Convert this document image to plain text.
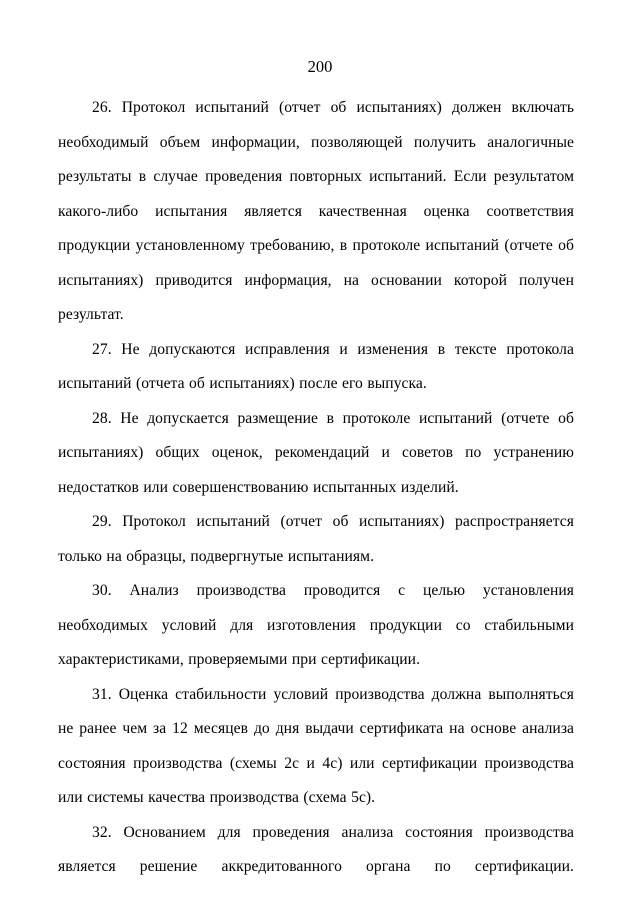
200

26. Протокол испытаний (отчет об испытаниях) должен включать необходимый объем информации, позволяющей получить аналогичные результаты в случае проведения повторных испытаний. Если результатом какого-либо испытания является качественная оценка соответствия продукции установленному требованию, в протоколе испытаний (отчете об испытаниях) приводится информация, на основании которой получен результат.

27. Не допускаются исправления и изменения в тексте протокола испытаний (отчета об испытаниях) после его выпуска.

28. Не допускается размещение в протоколе испытаний (отчете об испытаниях) общих оценок, рекомендаций и советов по устранению недостатков или совершенствованию испытанных изделий.

29. Протокол испытаний (отчет об испытаниях) распространяется только на образцы, подвергнутые испытаниям.

30. Анализ производства проводится с целью установления необходимых условий для изготовления продукции со стабильными характеристиками, проверяемыми при сертификации.

31. Оценка стабильности условий производства должна выполняться не ранее чем за 12 месяцев до дня выдачи сертификата на основе анализа состояния производства (схемы 2с и 4с) или сертификации производства или системы качества производства (схема 5с).

32. Основанием для проведения анализа состояния производства является решение аккредитованного органа по сертификации.
